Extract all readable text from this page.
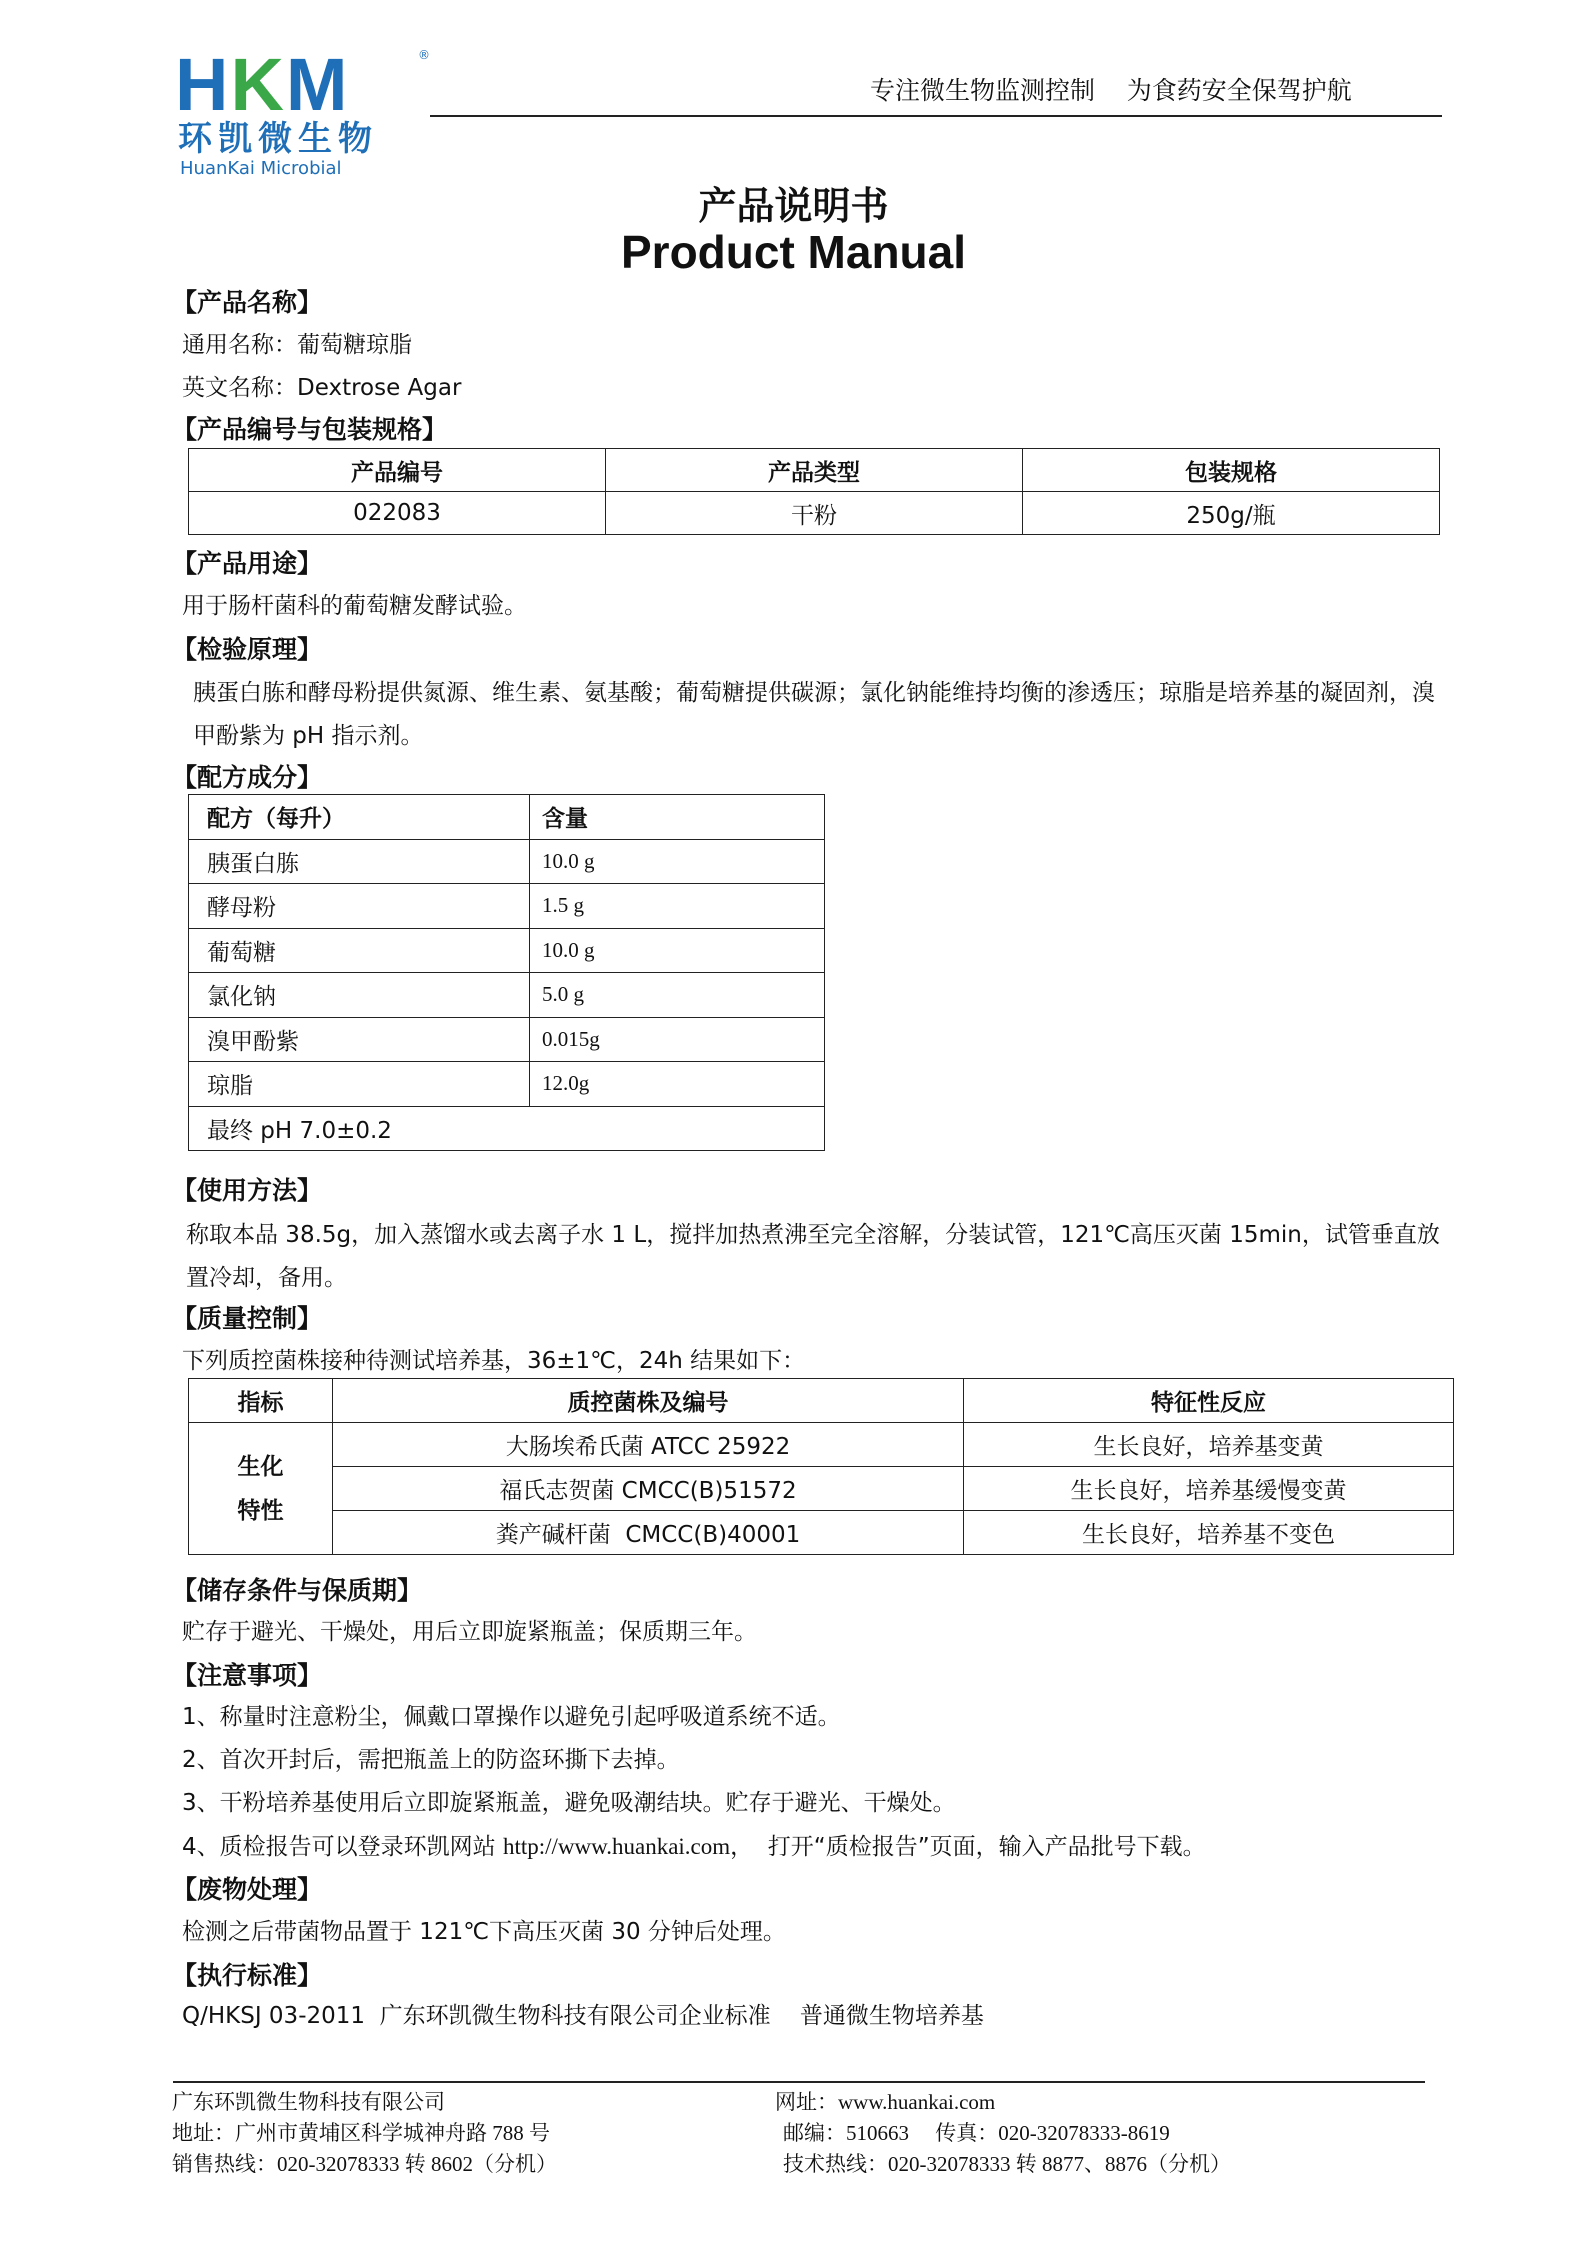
HKM	®
环凯微生物
HuanKai Microbial
专注微生物监测控制    为食药安全保驾护航
产品说明书
Product Manual
【产品名称】
通用名称：葡萄糖琼脂
英文名称：Dextrose Agar
【产品编号与包装规格】
产品编号	产品类型	包装规格
022083	干粉	250g/瓶
【产品用途】
用于肠杆菌科的葡萄糖发酵试验。
【检验原理】
胰蛋白胨和酵母粉提供氮源、维生素、氨基酸；葡萄糖提供碳源；氯化钠能维持均衡的渗透压；琼脂是培养基的凝固剂，溴甲酚紫为 pH 指示剂。
【配方成分】
配方（每升）	含量
胰蛋白胨	10.0 g
酵母粉	1.5 g
葡萄糖	10.0 g
氯化钠	5.0 g
溴甲酚紫	0.015g
琼脂	12.0g
最终 pH 7.0±0.2	
【使用方法】
称取本品 38.5g，加入蒸馏水或去离子水 1 L，搅拌加热煮沸至完全溶解，分装试管，121℃高压灭菌 15min，试管垂直放置冷却，备用。
【质量控制】
下列质控菌株接种待测试培养基，36±1℃，24h 结果如下：
指标	质控菌株及编号	特征性反应

生化
特性	大肠埃希氏菌 ATCC 25922	生长良好，培养基变黄
	福氏志贺菌 CMCC(B)51572	生长良好，培养基缓慢变黄
	粪产碱杆菌  CMCC(B)40001	生长良好，培养基不变色
【储存条件与保质期】
贮存于避光、干燥处，用后立即旋紧瓶盖；保质期三年。
【注意事项】
1、称量时注意粉尘，佩戴口罩操作以避免引起呼吸道系统不适。
2、首次开封后，需把瓶盖上的防盗环撕下去掉。
3、干粉培养基使用后立即旋紧瓶盖，避免吸潮结块。贮存于避光、干燥处。
4、质检报告可以登录环凯网站 http://www.huankai.com，  打开“质检报告”页面，输入产品批号下载。
【废物处理】
检测之后带菌物品置于 121℃下高压灭菌 30 分钟后处理。
【执行标准】
Q/HKSJ 03-2011  广东环凯微生物科技有限公司企业标准    普通微生物培养基
广东环凯微生物科技有限公司
地址：广州市黄埔区科学城神舟路 788 号
销售热线：020-32078333 转 8602（分机）
网址：www.huankai.com
邮编：510663     传真：020-32078333-8619
技术热线：020-32078333 转 8877、8876（分机）
